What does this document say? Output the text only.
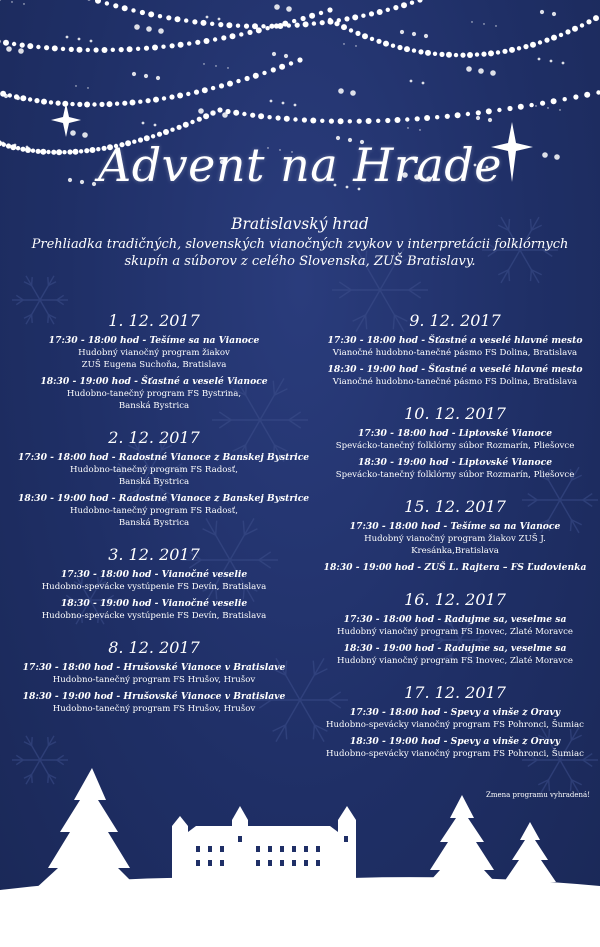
Advent na Hrade
Bratislavský hrad
Prehliadka tradičných, slovenských vianočných zvykov v interpretácii folklórnych skupín a súborov z celého Slovenska, ZUŠ Bratislavy.
1. 12. 2017
17:30 - 18:00 hod - Tešíme sa na Vianoce
Hudobný vianočný program žiakov
ZUŠ Eugena Suchoňa, Bratislava
18:30 - 19:00 hod - Šťastné a veselé Vianoce
Hudobno-tanečný program FS Bystrina,
Banská Bystrica
2. 12. 2017
17:30 - 18:00 hod - Radostné Vianoce z Banskej Bystrice
Hudobno-tanečný program FS Radosť,
Banská Bystrica
18:30 - 19:00 hod - Radostné Vianoce z Banskej Bystrice
Hudobno-tanečný program FS Radosť,
Banská Bystrica
3. 12. 2017
17:30 - 18:00 hod - Vianočné veselie
Hudobno-spevácke vystúpenie FS Devín, Bratislava
18:30 - 19:00 hod - Vianočné veselie
Hudobno-spevácke vystúpenie FS Devín, Bratislava
8. 12. 2017
17:30 - 18:00 hod - Hrušovské Vianoce v Bratislave
Hudobno-tanečný program FS Hrušov, Hrušov
18:30 - 19:00 hod - Hrušovské Vianoce v Bratislave
Hudobno-tanečný program FS Hrušov, Hrušov
9. 12. 2017
17:30 - 18:00 hod - Šťastné a veselé hlavné mesto
Vianočné hudobno-tanečné pásmo FS Dolina, Bratislava
18:30 - 19:00 hod - Šťastné a veselé hlavné mesto
Vianočné hudobno-tanečné pásmo FS Dolina, Bratislava
10. 12. 2017
17:30 - 18:00 hod - Liptovské Vianoce
Spevácko-tanečný folklórny súbor Rozmarín, Pliešovce
18:30 - 19:00 hod - Liptovské Vianoce
Spevácko-tanečný folklórny súbor Rozmarín, Pliešovce
15. 12. 2017
17:30 - 18:00 hod - Tešíme sa na Vianoce
Hudobný vianočný program žiakov ZUŠ J. Kresánka,Bratislava
18:30 - 19:00 hod - ZUŠ L. Rajtera – FS Ľudovienka
16. 12. 2017
17:30 - 18:00 hod - Radujme sa, veselme sa
Hudobný vianočný program FS Inovec, Zlaté Moravce
18:30 - 19:00 hod - Radujme sa, veselme sa
Hudobný vianočný program FS Inovec, Zlaté Moravce
17. 12. 2017
17:30 - 18:00 hod - Spevy a vinše z Oravy
Hudobno-spevácky vianočný program FS Pohronci, Šumiac
18:30 - 19:00 hod - Spevy a vinše z Oravy
Hudobno-spevácky vianočný program FS Pohronci, Šumiac
Zmena programu vyhradená!
